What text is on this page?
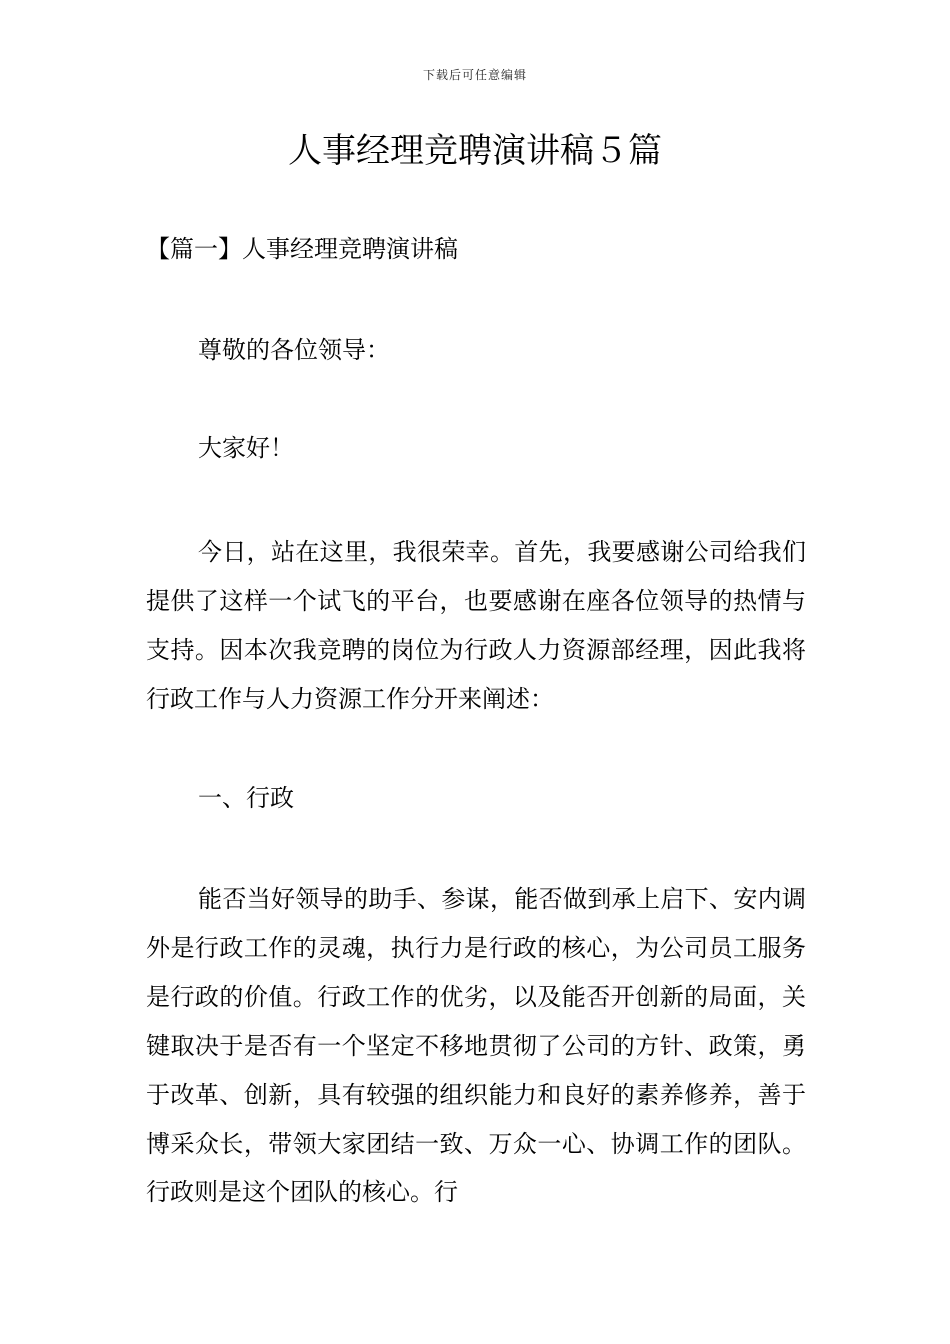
下载后可任意编辑
人事经理竞聘演讲稿５篇
【篇一】人事经理竞聘演讲稿

尊敬的各位领导：

大家好！

今日，站在这里，我很荣幸。首先，我要感谢公司给我们提供了这样一个试飞的平台，也要感谢在座各位领导的热情与支持。因本次我竞聘的岗位为行政人力资源部经理，因此我将行政工作与人力资源工作分开来阐述：

一、行政

能否当好领导的助手、参谋，能否做到承上启下、安内调外是行政工作的灵魂，执行力是行政的核心，为公司员工服务是行政的价值。行政工作的优劣，以及能否开创新的局面，关键取决于是否有一个坚定不移地贯彻了公司的方针、政策，勇于改革、创新，具有较强的组织能力和良好的素养修养，善于博采众长，带领大家团结一致、万众一心、协调工作的团队。行政则是这个团队的核心。行
